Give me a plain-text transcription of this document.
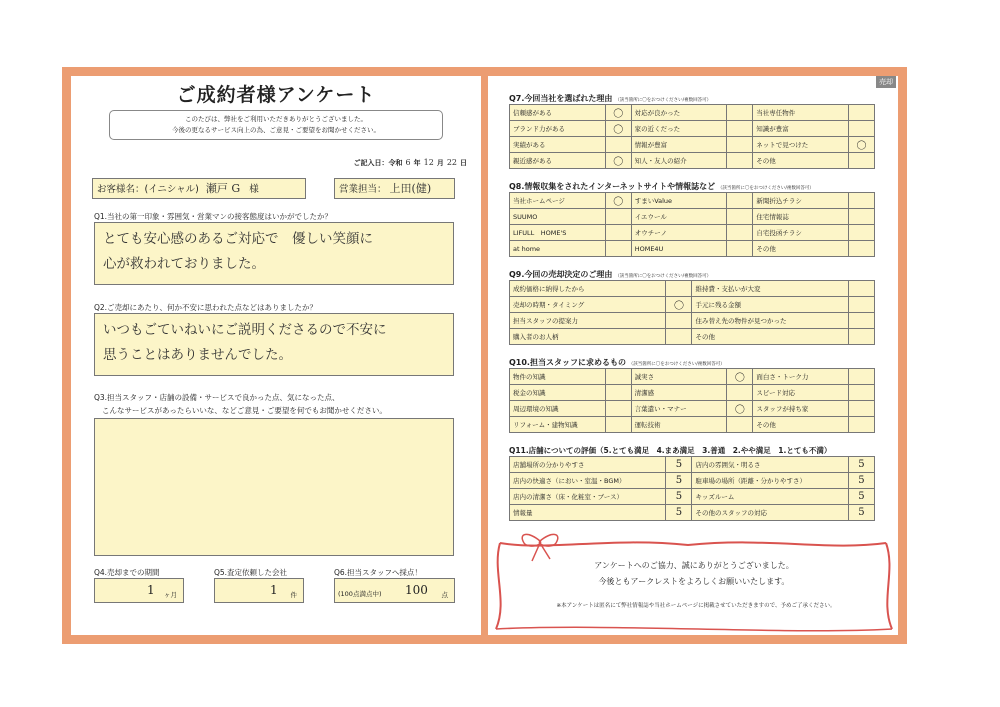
ご成約者様アンケート
このたびは、弊社をご利用いただきありがとうございました。
今後の更なるサービス向上の為、ご意見・ご要望をお聞かせください。
ご記入日：令和 6 年 12 月 22 日
お客様名：(イニシャル) 瀬戸 G 様	営業担当： 上田(健)
Q1.当社の第一印象・雰囲気・営業マンの接客態度はいかがでしたか？
とても安心感のあるご対応で　優しい笑顔に
心が救われておりました。
Q2.ご売却にあたり、何か不安に思われた点などはありましたか？
いつもごていねいにご説明くださるので不安に
思うことはありませんでした。
Q3.担当スタッフ・店舗の設備・サービスで良かった点、気になった点、
こんなサービスがあったらいいな、などご意見・ご要望を何でもお聞かせください。
Q4.売却までの期間
1 ヶ月
Q5.査定依頼した会社
1 件
Q6.担当スタッフへ採点！
(100点満点中) 100 点
売却
Q7.今回当社を選ばれた理由 （該当箇所に〇をおつけください/複数回答可）
信頼感がある	〇	対応が良かった		当社専任物件	
ブランド力がある	〇	家の近くだった		知識が豊富	
実績がある		情報が豊富		ネットで見つけた	〇
親近感がある	〇	知人・友人の紹介		その他	
Q8.情報収集をされたインターネットサイトや情報誌など （該当箇所に〇をおつけください/複数回答可）
当社ホームページ	〇	すまいValue		新聞折込チラシ	
SUUMO		イエウール		住宅情報誌	
LIFULL　HOME'S		オウチーノ		自宅投函チラシ	
at home		HOME4U		その他	
Q9.今回の売却決定のご理由 （該当箇所に〇をおつけください/複数回答可）
成約価格に納得したから		維持費・支払いが大変	
売却の時期・タイミング	〇	手元に残る金額	
担当スタッフの提案力		住み替え先の物件が見つかった	
購入者のお人柄		その他	
Q10.担当スタッフに求めるもの （該当箇所に〇をおつけください/複数回答可）
物件の知識		誠実さ	〇	面白さ・トーク力	
税金の知識		清潔感		スピード対応	
周辺環境の知識		言葉遣い・マナー	〇	スタッフが持ち家	
リフォーム・建物知識		運転技術		その他	
Q11.店舗についての評価（5.とても満足　4.まあ満足　3.普通　2.やや満足　1.とても不満）
店舗場所の分かりやすさ	5	店内の雰囲気・明るさ	5
店内の快適さ（におい・室温・BGM）	5	駐車場の場所（距離・分かりやすさ）	5
店内の清潔さ（床・化粧室・ブース）	5	キッズルーム	5
情報量	5	その他のスタッフの対応	5
アンケートへのご協力、誠にありがとうございました。
今後ともアークレストをよろしくお願いいたします。
※本アンケートは匿名にて弊社情報誌や当社ホームページに掲載させていただきますので、予めご了承ください。
